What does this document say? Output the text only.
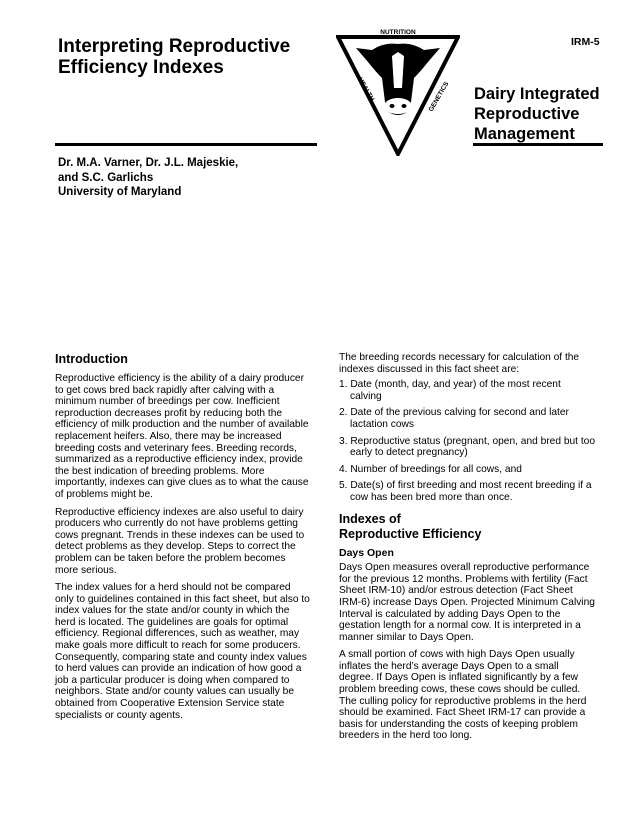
Interpreting Reproductive Efficiency Indexes
IRM-5
NUTRITION
HEALTH	GENETICS Dairy Integrated
Reproductive
Management
Dr. M.A. Varner, Dr. J.L. Majeskie,
and S.C. Garlichs
University of Maryland
Introduction

Reproductive efficiency is the ability of a dairy producer to get cows bred back rapidly after calving with a minimum number of breedings per cow. Inefficient reproduction decreases profit by reducing both the efficiency of milk production and the number of available replacement heifers. Also, there may be increased breeding costs and veterinary fees. Breeding records, summarized as a reproductive efficiency index, provide the best indication of breeding problems. More importantly, indexes can give clues as to what the cause of problems might be.

Reproductive efficiency indexes are also useful to dairy producers who currently do not have problems getting cows pregnant. Trends in these indexes can be used to detect problems as they develop. Steps to correct the problem can be taken before the problem becomes more serious.

The index values for a herd should not be compared only to guidelines contained in this fact sheet, but also to index values for the state and/or county in which the herd is located. The guidelines are goals for optimal efficiency. Regional differences, such as weather, may make goals more difficult to reach for some producers. Consequently, comparing state and county index values to herd values can provide an indication of how good a job a particular producer is doing when compared to neighbors. State and/or county values can usually be obtained from Cooperative Extension Service state specialists or county agents.

The breeding records necessary for calculation of the indexes discussed in this fact sheet are:

1. Date (month, day, and year) of the most recent calving
2. Date of the previous calving for second and later lactation cows
3. Reproductive status (pregnant, open, and bred but too early to detect pregnancy)
4. Number of breedings for all cows, and
5. Date(s) of first breeding and most recent breeding if a cow has been bred more than once.
Indexes of
Reproductive Efficiency
Days Open

Days Open measures overall reproductive performance for the previous 12 months. Problems with fertility (Fact Sheet IRM-10) and/or estrous detection (Fact Sheet IRM-6) increase Days Open. Projected Minimum Calving Interval is calculated by adding Days Open to the gestation length for a normal cow. It is interpreted in a manner similar to Days Open.

A small portion of cows with high Days Open usually inflates the herd’s average Days Open to a small degree. If Days Open is inflated significantly by a few problem breeding cows, these cows should be culled. The culling policy for reproductive problems in the herd should be examined. Fact Sheet IRM-17 can provide a basis for understanding the costs of keeping problem breeders in the herd too long.
